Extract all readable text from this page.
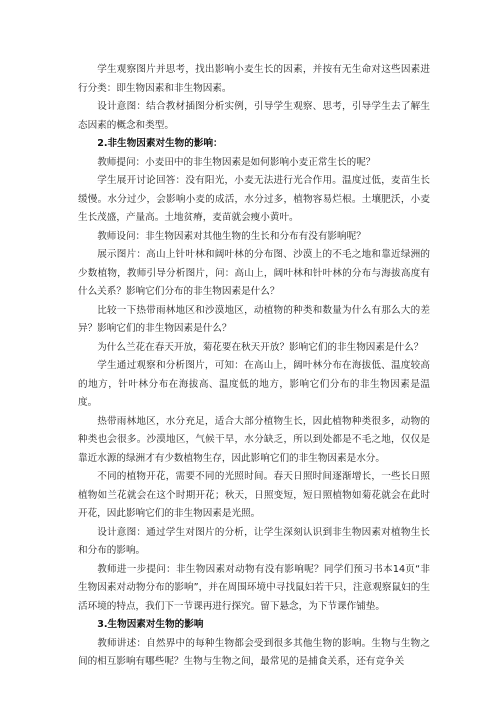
学生观察图片并思考，找出影响小麦生长的因素，并按有无生命对这些因素进行分类：即生物因素和非生物因素。

设计意图：结合教材插图分析实例，引导学生观察、思考，引导学生去了解生态因素的概念和类型。

2.非生物因素对生物的影响：

教师提问：小麦田中的非生物因素是如何影响小麦正常生长的呢？

学生展开讨论回答：没有阳光，小麦无法进行光合作用。温度过低，麦苗生长缓慢。水分过少，会影响小麦的成活，水分过多，植物容易烂根。土壤肥沃，小麦生长茂盛，产量高。土地贫瘠，麦苗就会瘦小黄叶。

教师设问：非生物因素对其他生物的生长和分布有没有影响呢？

展示图片：高山上针叶林和阔叶林的分布图、沙漠上的不毛之地和靠近绿洲的少数植物，教师引导分析图片，问：高山上，阔叶林和针叶林的分布与海拔高度有什么关系？影响它们分布的非生物因素是什么？

比较一下热带雨林地区和沙漠地区，动植物的种类和数量为什么有那么大的差异？影响它们的非生物因素是什么？

为什么兰花在春天开放，菊花要在秋天开放？影响它们的非生物因素是什么？

学生通过观察和分析图片，可知：在高山上，阔叶林分布在海拔低、温度较高的地方，针叶林分布在海拔高、温度低的地方，影响它们分布的非生物因素是温度。

热带雨林地区，水分充足，适合大部分植物生长，因此植物种类很多，动物的种类也会很多。沙漠地区，气候干旱，水分缺乏，所以到处都是不毛之地，仅仅是靠近水源的绿洲才有少数植物生存，因此影响它们的非生物因素是水分。

不同的植物开花，需要不同的光照时间。春天日照时间逐渐增长，一些长日照植物如兰花就会在这个时期开花；秋天，日照变短，短日照植物如菊花就会在此时开花，因此影响它们的非生物因素是光照。

设计意图：通过学生对图片的分析，让学生深刻认识到非生物因素对植物生长和分布的影响。

教师进一步提问：非生物因素对动物有没有影响呢？同学们预习书本14页“非生物因素对动物分布的影响”，并在周围环境中寻找鼠妇若干只，注意观察鼠妇的生活环境的特点，我们下一节课再进行探究。留下悬念，为下节课作铺垫。

3.生物因素对生物的影响

教师讲述：自然界中的每种生物都会受到很多其他生物的影响。生物与生物之间的相互影响有哪些呢？生物与生物之间，最常见的是捕食关系，还有竞争关
